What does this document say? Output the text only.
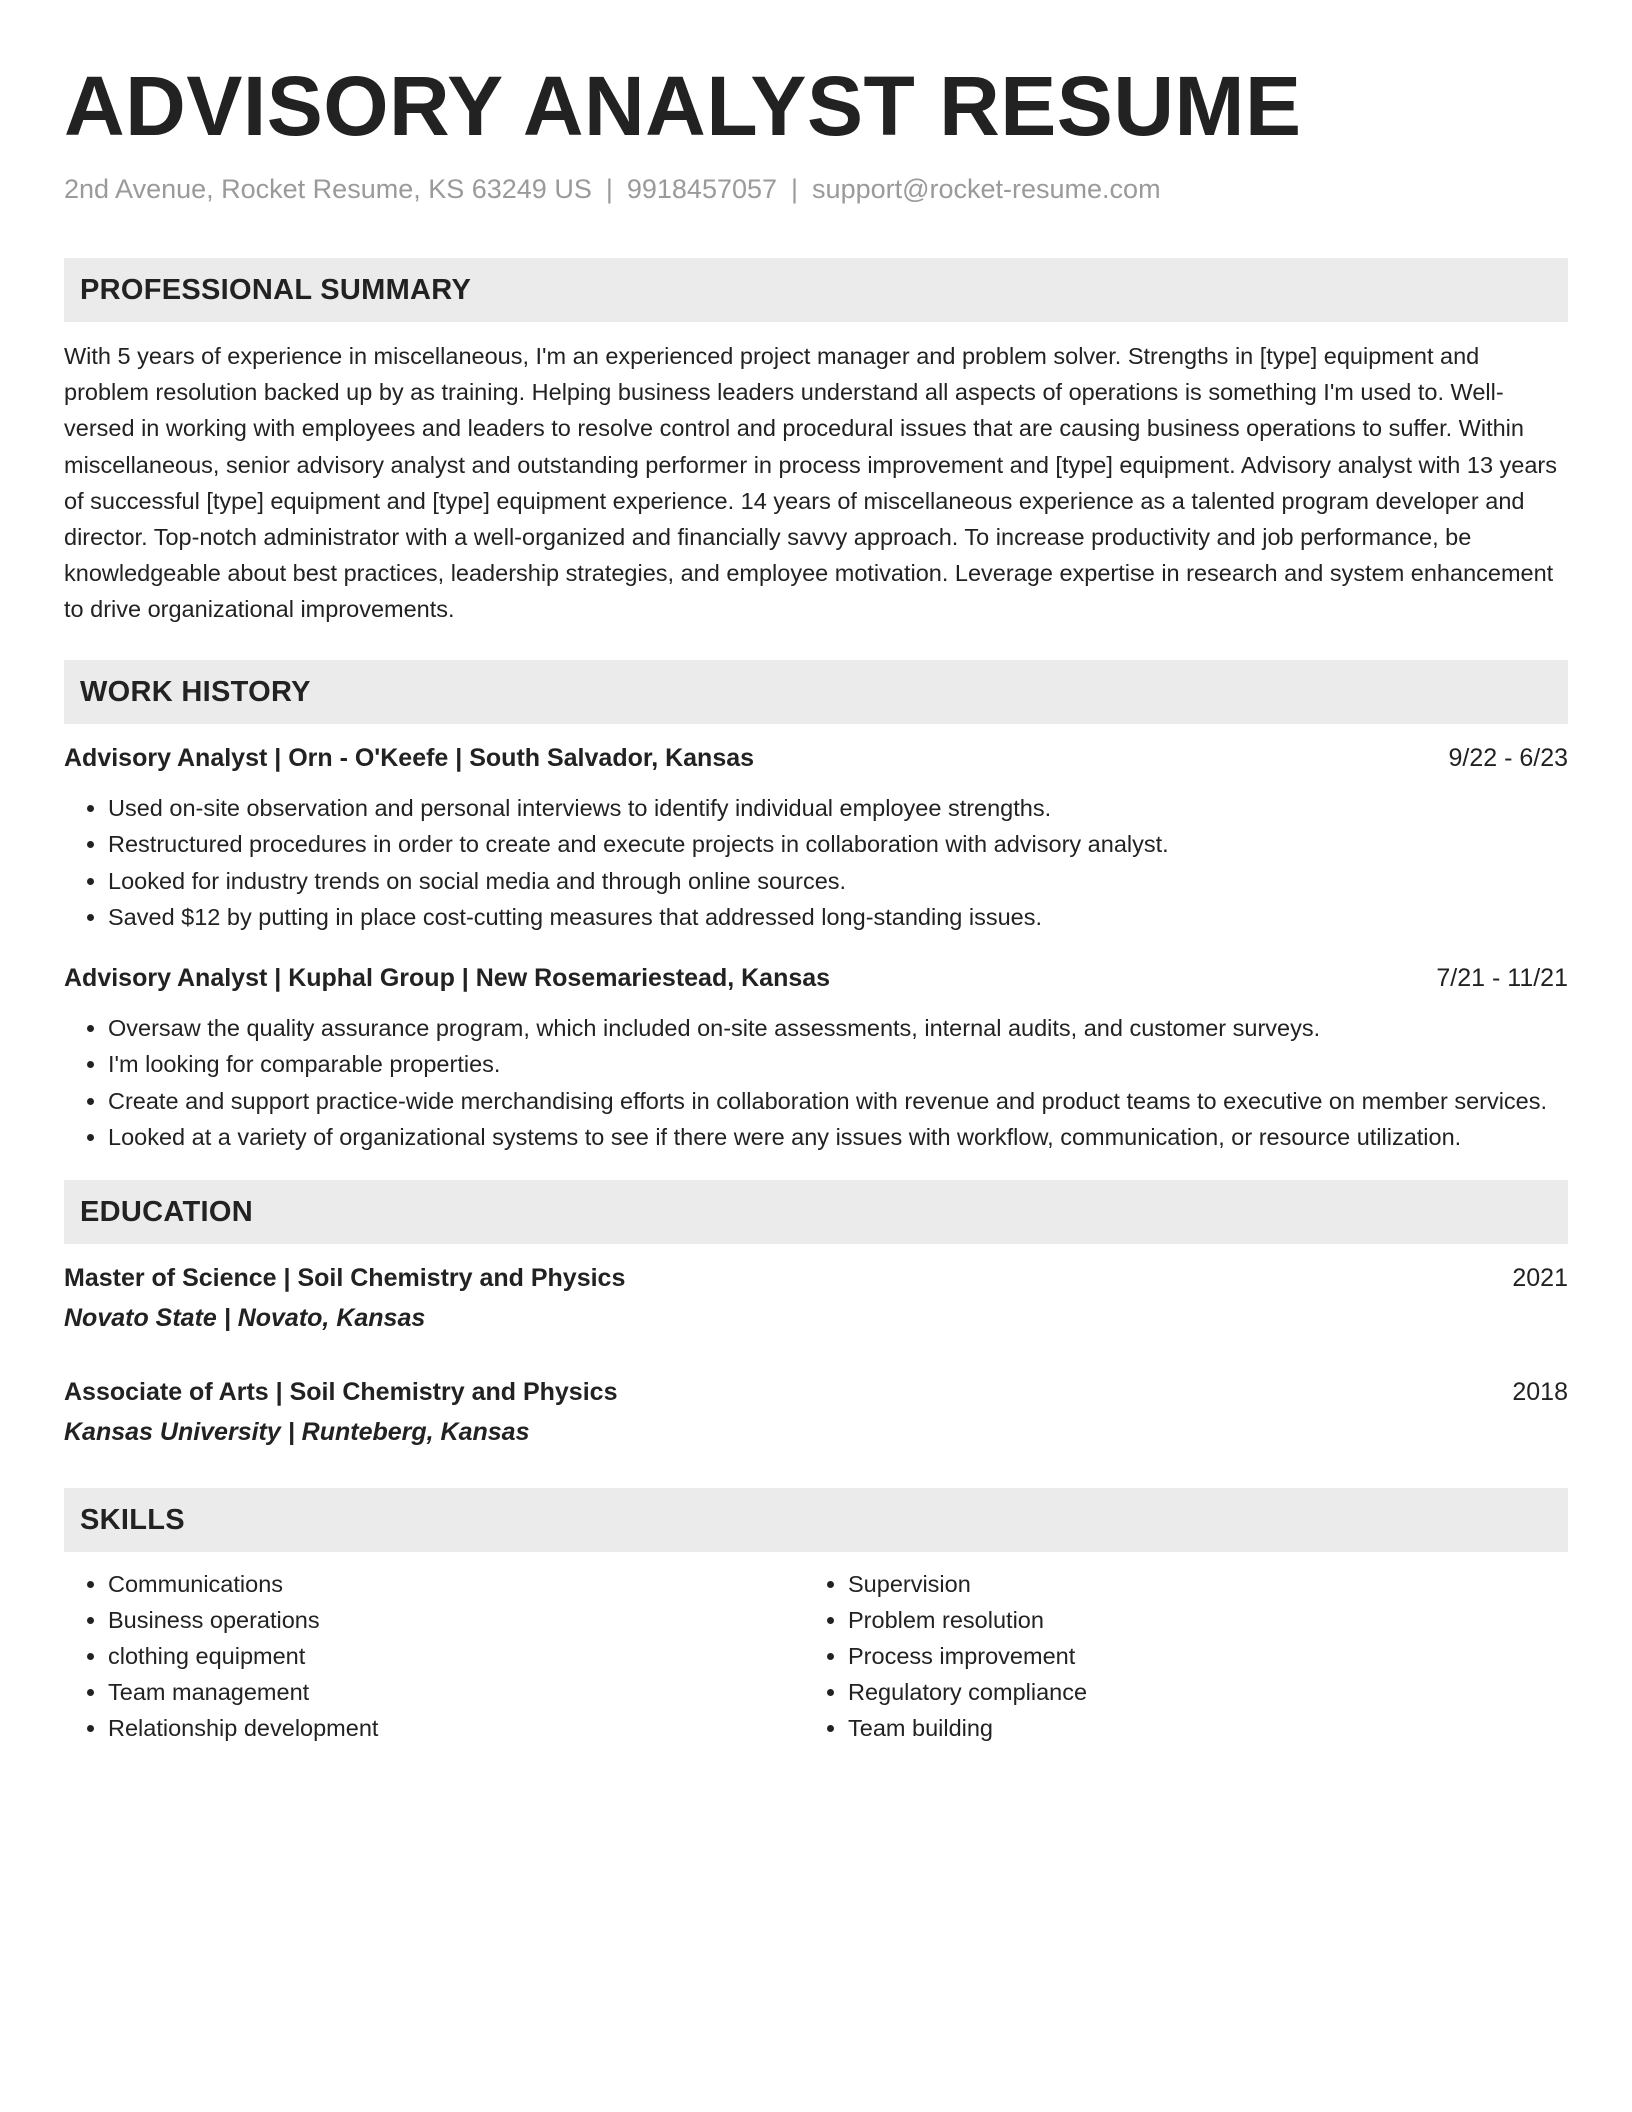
ADVISORY ANALYST RESUME
2nd Avenue, Rocket Resume, KS 63249 US | 9918457057 | support@rocket-resume.com
PROFESSIONAL SUMMARY

With 5 years of experience in miscellaneous, I'm an experienced project manager and problem solver. Strengths in [type] equipment and problem resolution backed up by as training. Helping business leaders understand all aspects of operations is something I'm used to. Well-versed in working with employees and leaders to resolve control and procedural issues that are causing business operations to suffer. Within miscellaneous, senior advisory analyst and outstanding performer in process improvement and [type] equipment. Advisory analyst with 13 years of successful [type] equipment and [type] equipment experience. 14 years of miscellaneous experience as a talented program developer and director. Top-notch administrator with a well-organized and financially savvy approach. To increase productivity and job performance, be knowledgeable about best practices, leadership strategies, and employee motivation. Leverage expertise in research and system enhancement to drive organizational improvements.

WORK HISTORY
Advisory Analyst | Orn - O'Keefe | South Salvador, Kansas	9/22 - 6/23
• Used on-site observation and personal interviews to identify individual employee strengths.
• Restructured procedures in order to create and execute projects in collaboration with advisory analyst.
• Looked for industry trends on social media and through online sources.
• Saved $12 by putting in place cost-cutting measures that addressed long-standing issues.
Advisory Analyst | Kuphal Group | New Rosemariestead, Kansas	7/21 - 11/21
• Oversaw the quality assurance program, which included on-site assessments, internal audits, and customer surveys.
• I'm looking for comparable properties.
• Create and support practice-wide merchandising efforts in collaboration with revenue and product teams to executive on member services.
• Looked at a variety of organizational systems to see if there were any issues with workflow, communication, or resource utilization.
EDUCATION
Master of Science | Soil Chemistry and Physics	2021
Novato State | Novato, Kansas
Associate of Arts | Soil Chemistry and Physics	2018
Kansas University | Runteberg, Kansas
SKILLS
• Communications
• Business operations
• clothing equipment
• Team management
• Relationship development
• Supervision
• Problem resolution
• Process improvement
• Regulatory compliance
• Team building
